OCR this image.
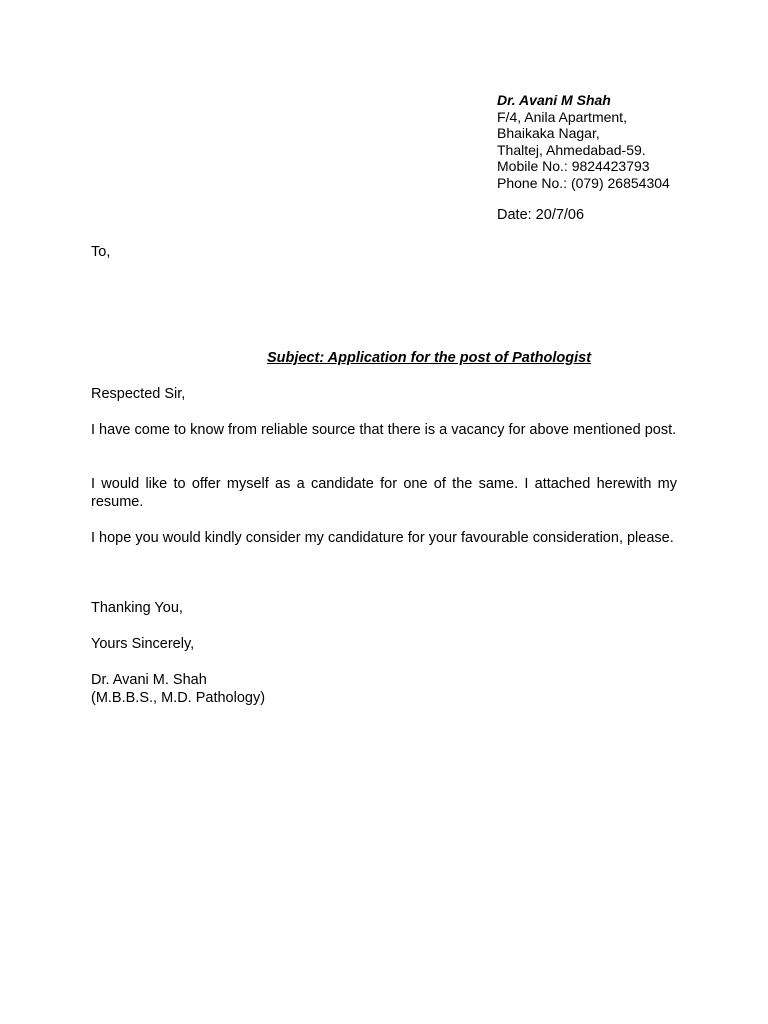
Dr. Avani M Shah
F/4, Anila Apartment,
Bhaikaka Nagar,
Thaltej, Ahmedabad-59.
Mobile No.: 9824423793
Phone No.: (079) 26854304
Date: 20/7/06
To,
Subject: Application for the post of Pathologist
Respected Sir,
I have come to know from reliable source that there is a vacancy for above mentioned post.
I would like to offer myself as a candidate for one of the same. I attached herewith my resume.
I hope you would kindly consider my candidature for your favourable consideration, please.
Thanking You,
Yours Sincerely,
Dr. Avani M. Shah
(M.B.B.S., M.D. Pathology)
